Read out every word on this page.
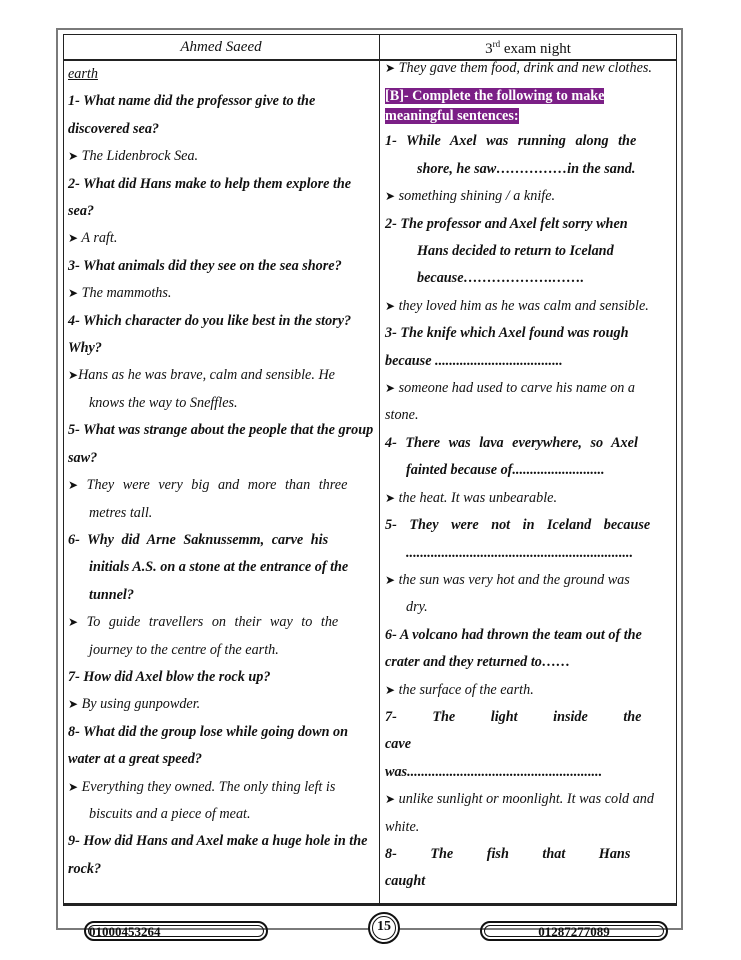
Ahmed Saeed	3rd exam night
earth
1- What name did the professor give to the discovered sea?
➤ The Lidenbrock Sea.
2- What did Hans make to help them explore the sea?
➤ A raft.
3- What animals did they see on the sea shore?
➤ The mammoths.
4- Which character do you like best in the story? Why?
➤Hans as he was brave, calm and sensible. He
knows the way to Sneffles.
5- What was strange about the people that the group saw?
➤ They were very big and more than three
metres tall.
6- Why did Arne Saknussemm, carve his
initials A.S. on a stone at the entrance of the tunnel?
➤ To guide travellers on their way to the
journey to the centre of the earth.
7- How did Axel blow the rock up?
➤ By using gunpowder.
8- What did the group lose while going down on water at a great speed?
➤ Everything they owned. The only thing left is
biscuits and a piece of meat.
9- How did Hans and Axel make a huge hole in the rock?
➤ They gave them food, drink and new clothes.
[B]- Complete the following to make meaningful sentences:
1- While Axel was running along the
shore, he saw……………in the sand.
➤ something shining / a knife.
2- The professor and Axel felt sorry when
Hans decided to return to Iceland
because……………….…….
➤ they loved him as he was calm and sensible.
3- The knife which Axel found was rough
because ....................................
➤ someone had used to carve his name on a stone.
4- There was lava everywhere, so Axel
fainted because of..........................
➤ the heat. It was unbearable.
5- They were not in Iceland because
................................................................
➤ the sun was very hot and the ground was
dry.
6- A volcano had thrown the team out of the crater and they returned to……
➤ the surface of the earth.
7- The light inside the cave
was.......................................................
➤ unlike sunlight or moonlight. It was cold and white.
8- The fish that Hans caught
01000453264	15	01287277089
